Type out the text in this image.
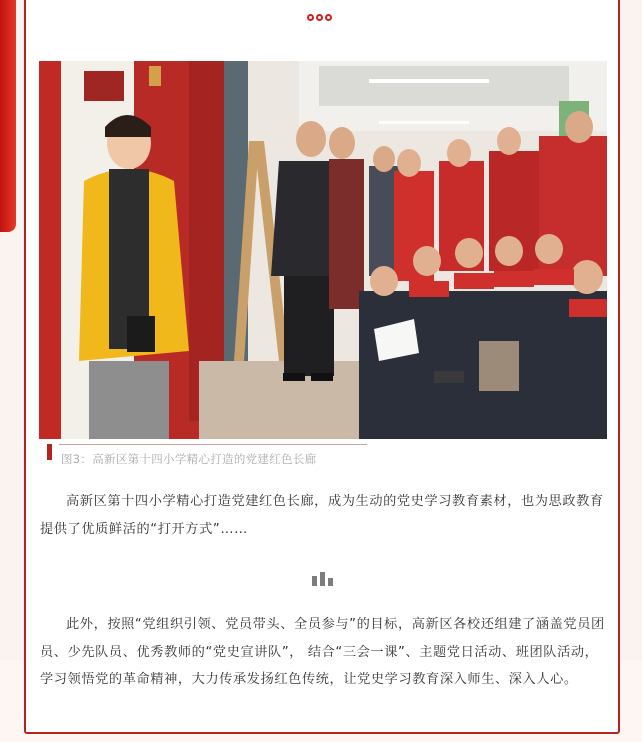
图3：高新区第十四小学精心打造的党建红色长廊

高新区第十四小学精心打造党建红色长廊，成为生动的党史学习教育素材，也为思政教育提供了优质鲜活的“打开方式”……

此外，按照“党组织引领、党员带头、全员参与”的目标，高新区各校还组建了涵盖党员团员、少先队员、优秀教师的“党史宣讲队”， 结合“三会一课”、主题党日活动、班团队活动，学习领悟党的革命精神，大力传承发扬红色传统，让党史学习教育深入师生、深入人心。
